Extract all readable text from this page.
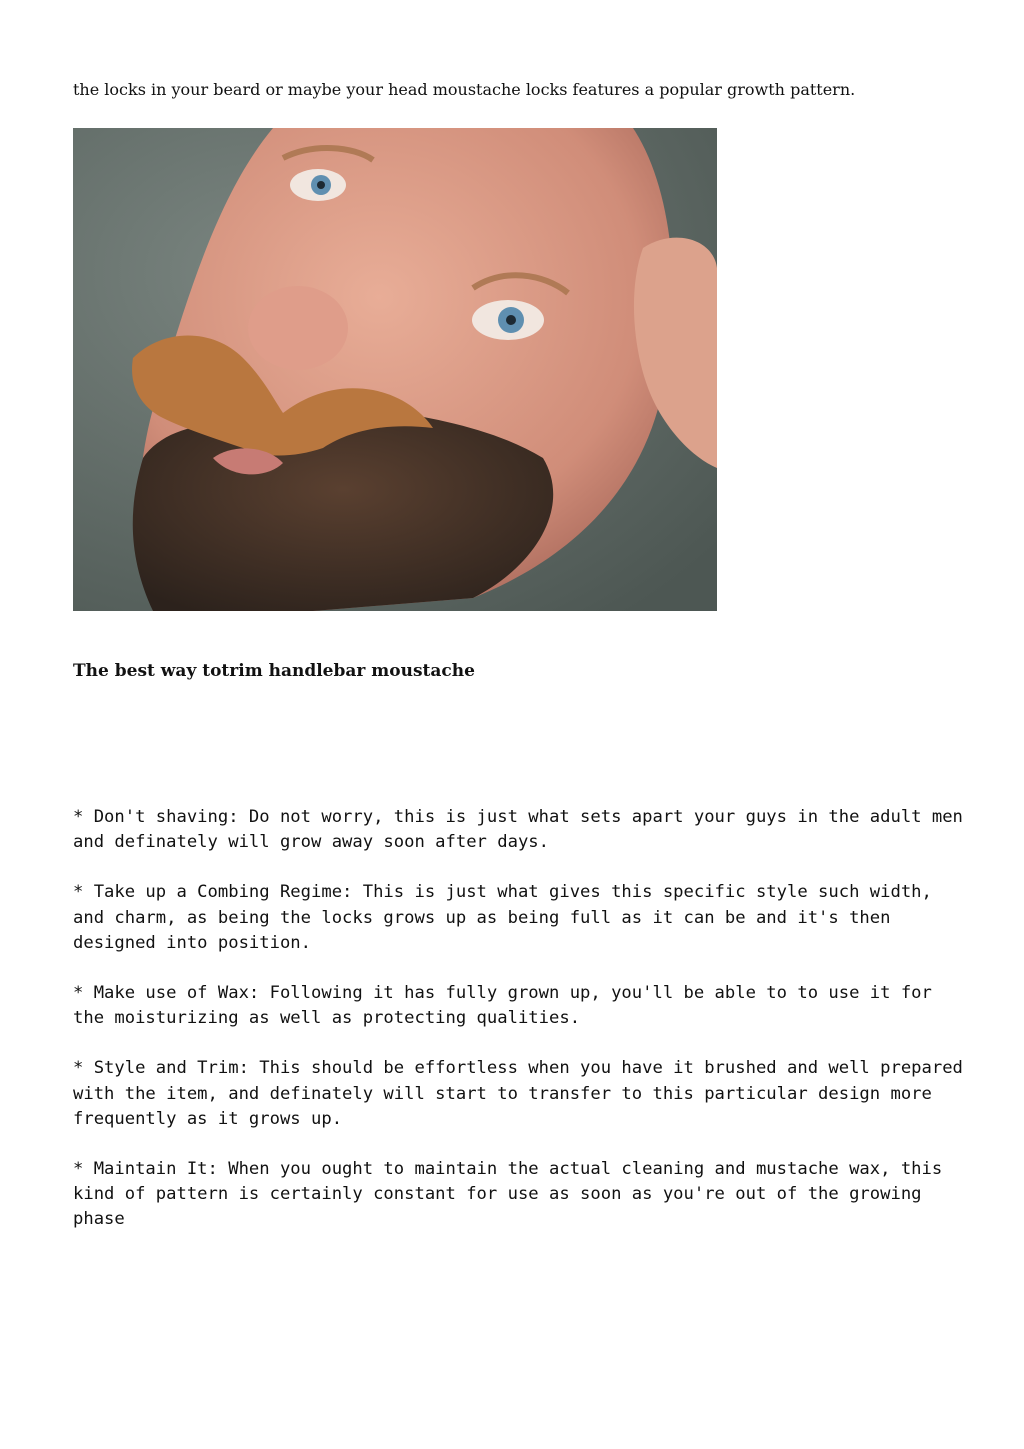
the locks in your beard or maybe your head moustache locks features a popular growth pattern.

The best way totrim handlebar moustache

* Don't shaving: Do not worry, this is just what sets apart your guys in the adult men and definately will grow away soon after days.
* Take up a Combing Regime: This is just what gives this specific style such width, and charm, as being the locks grows up as being full as it can be and it's then designed into position.
* Make use of Wax: Following it has fully grown up, you'll be able to to use it for the moisturizing as well as protecting qualities.
* Style and Trim: This should be effortless when you have it brushed and well prepared with the item, and definately will start to transfer to this particular design more frequently as it grows up.
* Maintain It: When you ought to maintain the actual cleaning and mustache wax, this kind of pattern is certainly constant for use as soon as you're out of the growing phase
